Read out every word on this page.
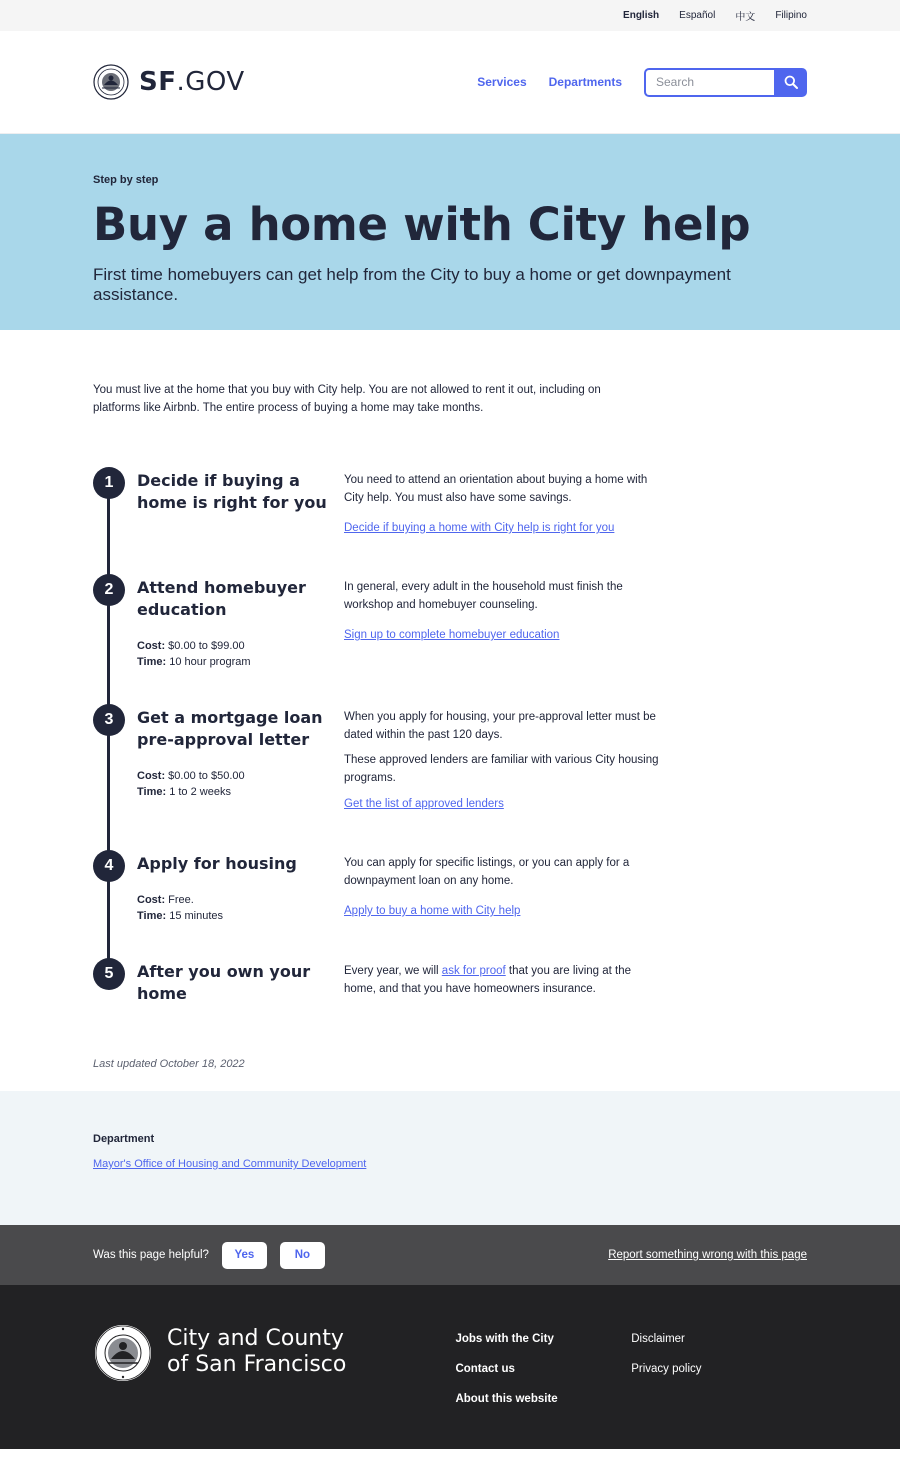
English Español 中文 Filipino
SF.GOV	Services Departments
Search
Step by step
Buy a home with City help
First time homebuyers can get help from the City to buy a home or get downpayment assistance.
You must live at the home that you buy with City help. You are not allowed to rent it out, including on platforms like Airbnb. The entire process of buying a home may take months.
1	Decide if buying a home is right for you

You need to attend an orientation about buying a home with City help. You must also have some savings.

Decide if buying a home with City help is right for you

2	Attend homebuyer education
Cost: $0.00 to $99.00
Time: 10 hour program

In general, every adult in the household must finish the workshop and homebuyer counseling.

Sign up to complete homebuyer education

3	Get a mortgage loan pre-approval letter
Cost: $0.00 to $50.00
Time: 1 to 2 weeks

When you apply for housing, your pre-approval letter must be dated within the past 120 days.

These approved lenders are familiar with various City housing programs.

Get the list of approved lenders

4	Apply for housing
Cost: Free.
Time: 15 minutes

You can apply for specific listings, or you can apply for a downpayment loan on any home.

Apply to buy a home with City help

5	After you own your home

Every year, we will ask for proof that you are living at the home, and that you have homeowners insurance.

Last updated October 18, 2022
Department
Mayor's Office of Housing and Community Development
Was this page helpful?	Yes	No	Report something wrong with this page
City and County
of San Francisco
Jobs with the City
Contact us
About this website
Disclaimer
Privacy policy
